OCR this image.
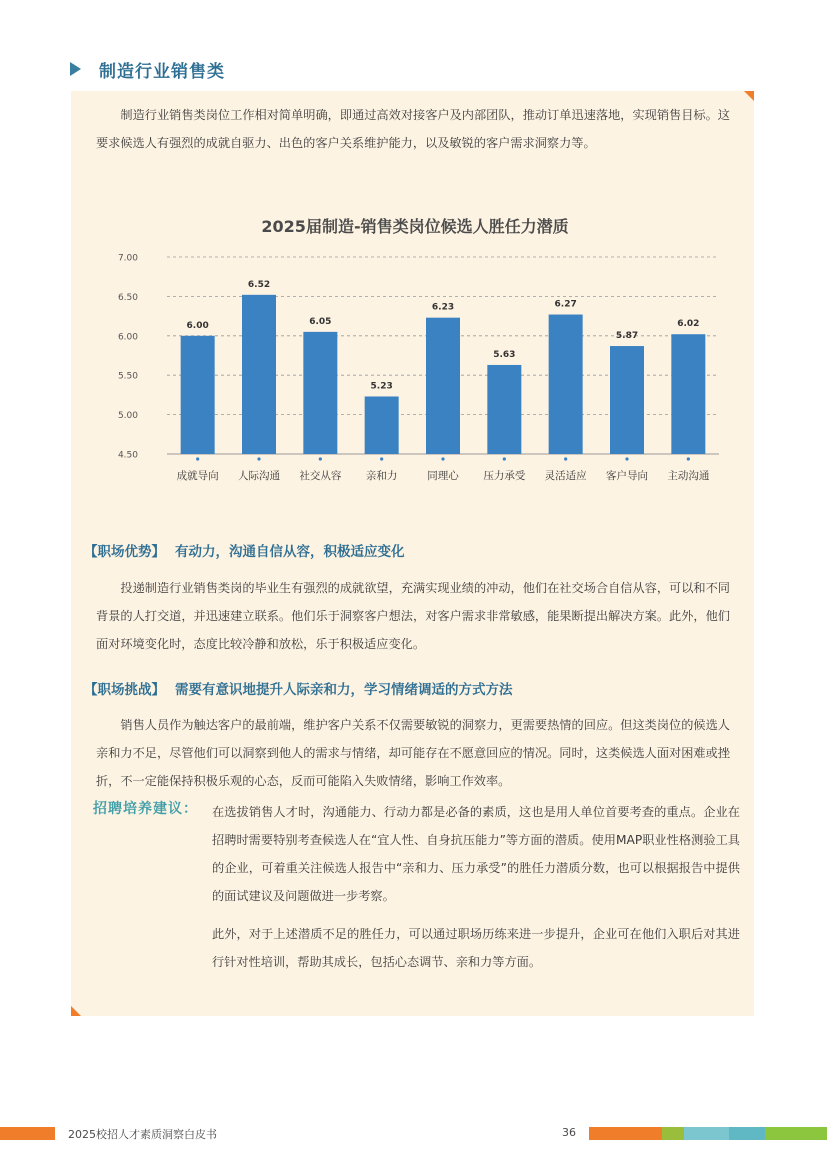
制造行业销售类

制造行业销售类岗位工作相对简单明确，即通过高效对接客户及内部团队，推动订单迅速落地，实现销售目标。这要求候选人有强烈的成就自驱力、出色的客户关系维护能力，以及敏锐的客户需求洞察力等。

4.50
5.00
5.50
6.00
6.50
7.00
6.00
成就导向
6.52
人际沟通
6.05
社交从容
5.23
亲和力
6.23
同理心
5.63
压力承受
6.27
灵活适应
5.87
客户导向
6.02
主动沟通
2025届制造-销售类岗位候选人胜任力潜质
【职场优势】 有动力，沟通自信从容，积极适应变化

投递制造行业销售类岗的毕业生有强烈的成就欲望，充满实现业绩的冲动，他们在社交场合自信从容，可以和不同背景的人打交道，并迅速建立联系。他们乐于洞察客户想法，对客户需求非常敏感，能果断提出解决方案。此外，他们面对环境变化时，态度比较冷静和放松，乐于积极适应变化。

【职场挑战】 需要有意识地提升人际亲和力，学习情绪调适的方式方法

销售人员作为触达客户的最前端，维护客户关系不仅需要敏锐的洞察力，更需要热情的回应。但这类岗位的候选人亲和力不足，尽管他们可以洞察到他人的需求与情绪，却可能存在不愿意回应的情况。同时，这类候选人面对困难或挫折，不一定能保持积极乐观的心态，反而可能陷入失败情绪，影响工作效率。

招聘培养建议： 在选拔销售人才时，沟通能力、行动力都是必备的素质，这也是用人单位首要考查的重点。企业在招聘时需要特别考查候选人在“宜人性、自身抗压能力”等方面的潜质。使用MAP职业性格测验工具的企业，可着重关注候选人报告中“亲和力、压力承受”的胜任力潜质分数，也可以根据报告中提供的面试建议及问题做进一步考察。

此外，对于上述潜质不足的胜任力，可以通过职场历练来进一步提升，企业可在他们入职后对其进行针对性培训，帮助其成长，包括心态调节、亲和力等方面。

2025校招人才素质洞察白皮书	36
